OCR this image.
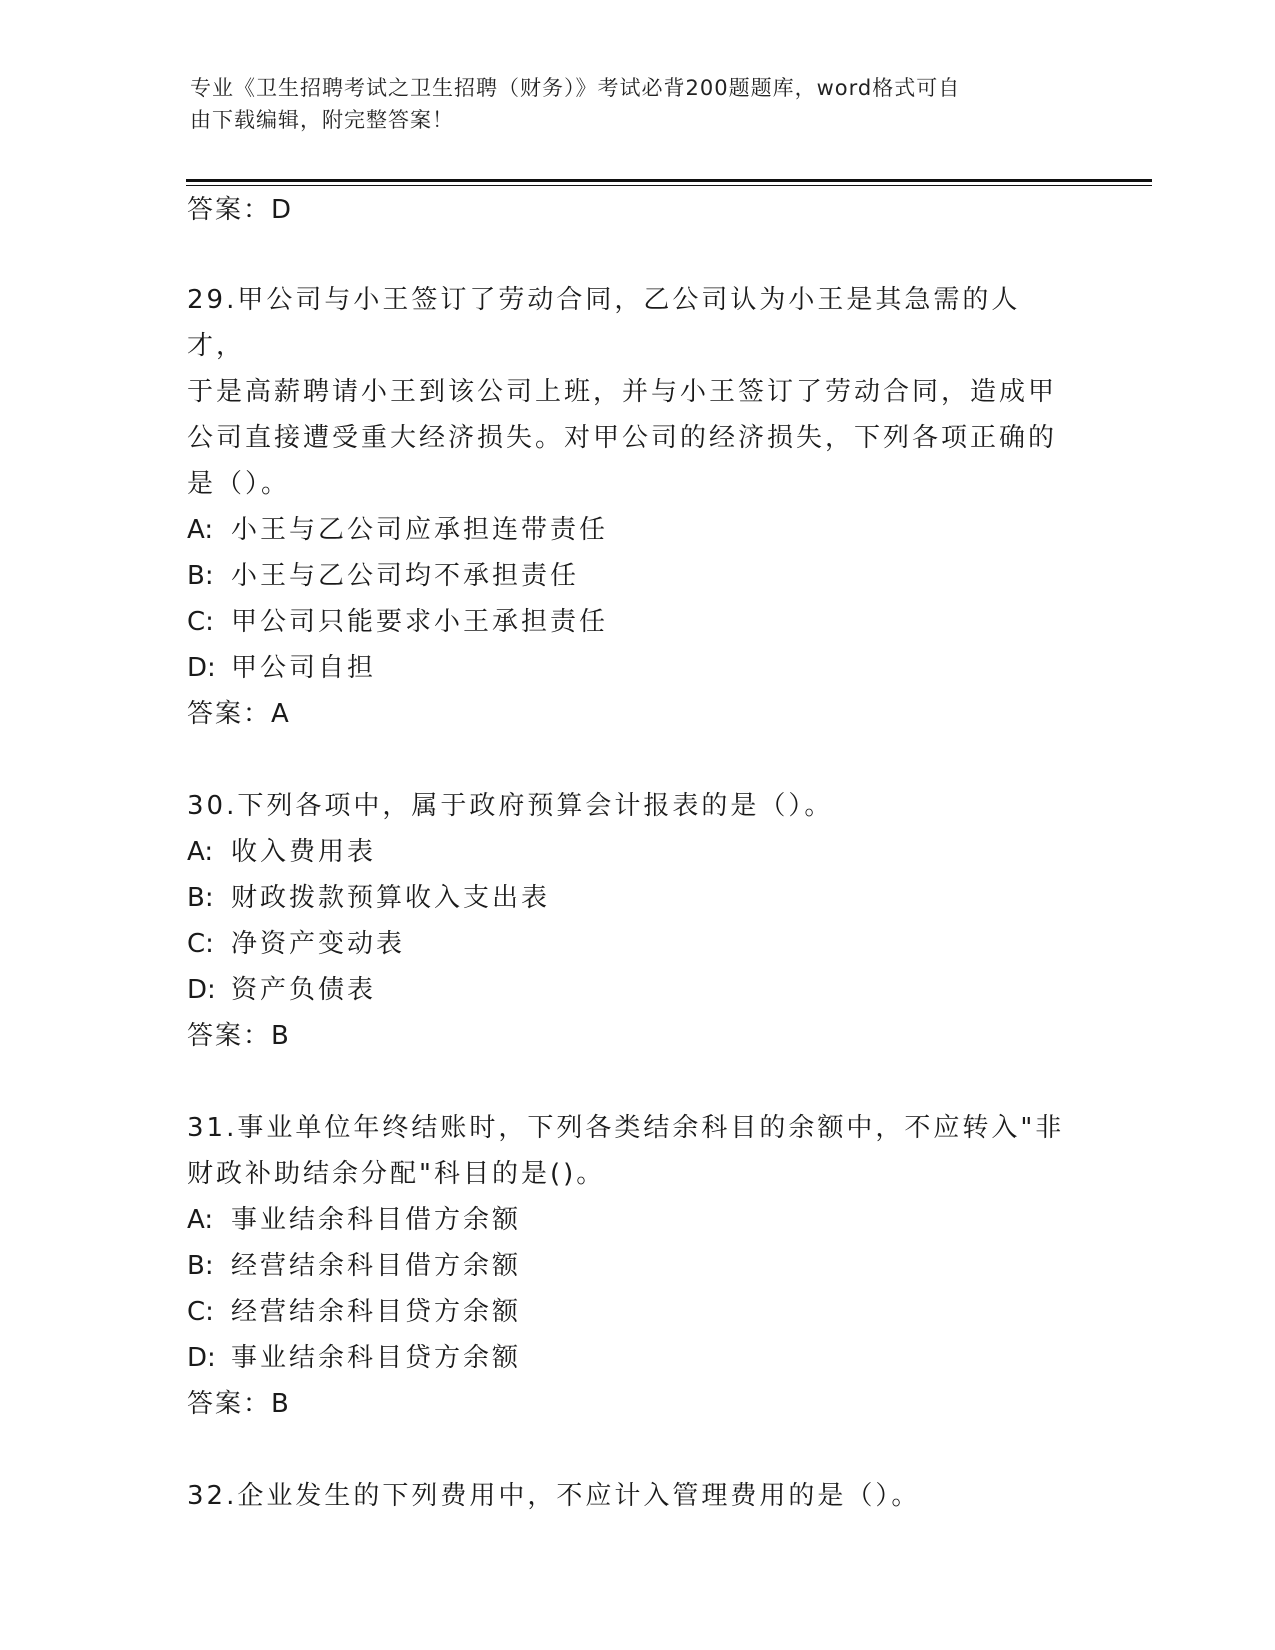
专业《卫生招聘考试之卫生招聘（财务）》考试必背200题题库，word格式可自
由下载编辑，附完整答案！
答案：D
29.甲公司与小王签订了劳动合同，乙公司认为小王是其急需的人才，
于是高薪聘请小王到该公司上班，并与小王签订了劳动合同，造成甲
公司直接遭受重大经济损失。对甲公司的经济损失，下列各项正确的
是（）。
A: 小王与乙公司应承担连带责任
B: 小王与乙公司均不承担责任
C: 甲公司只能要求小王承担责任
D: 甲公司自担
答案：A
30.下列各项中，属于政府预算会计报表的是（）。
A: 收入费用表
B: 财政拨款预算收入支出表
C: 净资产变动表
D: 资产负债表
答案：B
31.事业单位年终结账时，下列各类结余科目的余额中，不应转入"非
财政补助结余分配"科目的是()。
A: 事业结余科目借方余额
B: 经营结余科目借方余额
C: 经营结余科目贷方余额
D: 事业结余科目贷方余额
答案：B
32.企业发生的下列费用中，不应计入管理费用的是（）。
